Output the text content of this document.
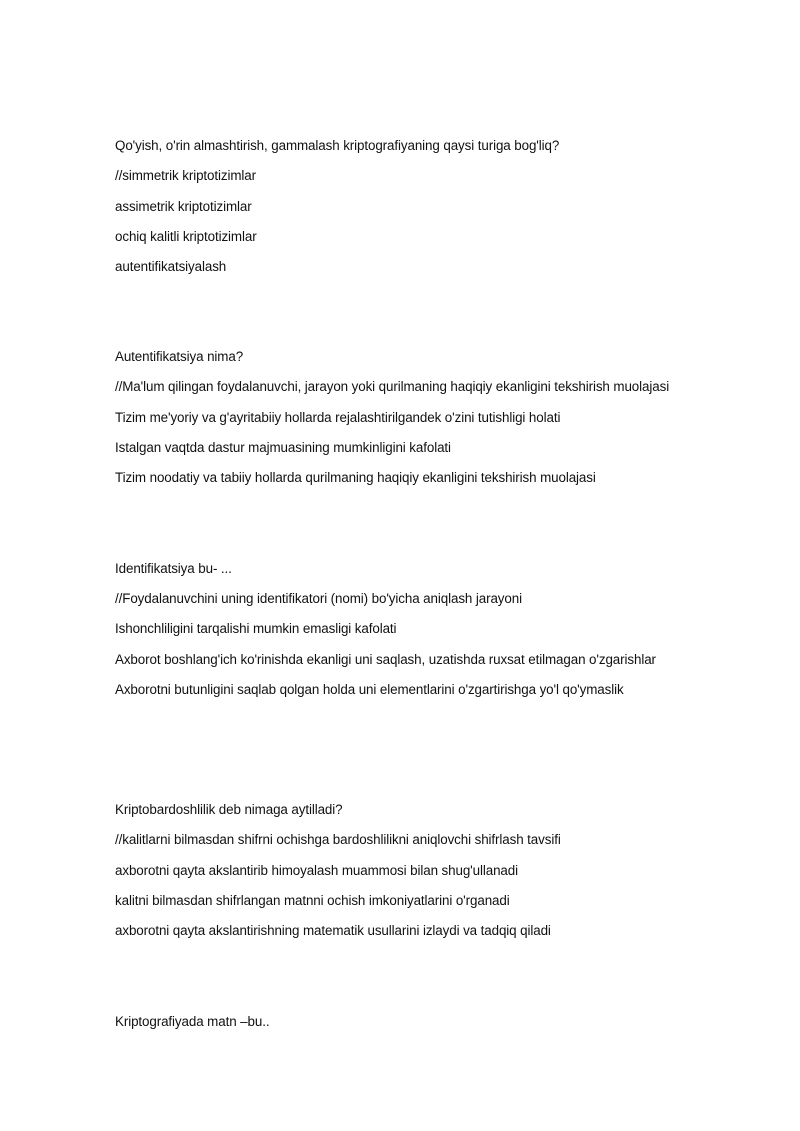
Qo'yish, o'rin almashtirish, gammalash kriptografiyaning qaysi turiga bog'liq?
//simmetrik kriptotizimlar
assimetrik kriptotizimlar
ochiq kalitli kriptotizimlar
autentifikatsiyalash
Autentifikatsiya nima?
//Ma'lum qilingan foydalanuvchi, jarayon yoki qurilmaning haqiqiy ekanligini tekshirish muolajasi
Tizim me'yoriy va g'ayritabiiy hollarda rejalashtirilgandek o'zini tutishligi holati
Istalgan vaqtda dastur majmuasining mumkinligini kafolati
Tizim noodatiy va tabiiy hollarda qurilmaning haqiqiy ekanligini tekshirish muolajasi
Identifikatsiya bu- ...
//Foydalanuvchini uning identifikatori (nomi) bo'yicha aniqlash jarayoni
Ishonchliligini tarqalishi mumkin emasligi kafolati
Axborot boshlang'ich ko'rinishda ekanligi uni saqlash, uzatishda ruxsat etilmagan o'zgarishlar
Axborotni butunligini saqlab qolgan holda uni elementlarini o'zgartirishga yo'l qo'ymaslik
Kriptobardoshlilik deb nimaga aytilladi?
//kalitlarni bilmasdan shifrni ochishga bardoshlilikni aniqlovchi shifrlash tavsifi
axborotni qayta akslantirib himoyalash muammosi bilan shug'ullanadi
kalitni bilmasdan shifrlangan matnni ochish imkoniyatlarini o'rganadi
axborotni qayta akslantirishning matematik usullarini izlaydi va tadqiq qiladi
Kriptografiyada matn –bu..
